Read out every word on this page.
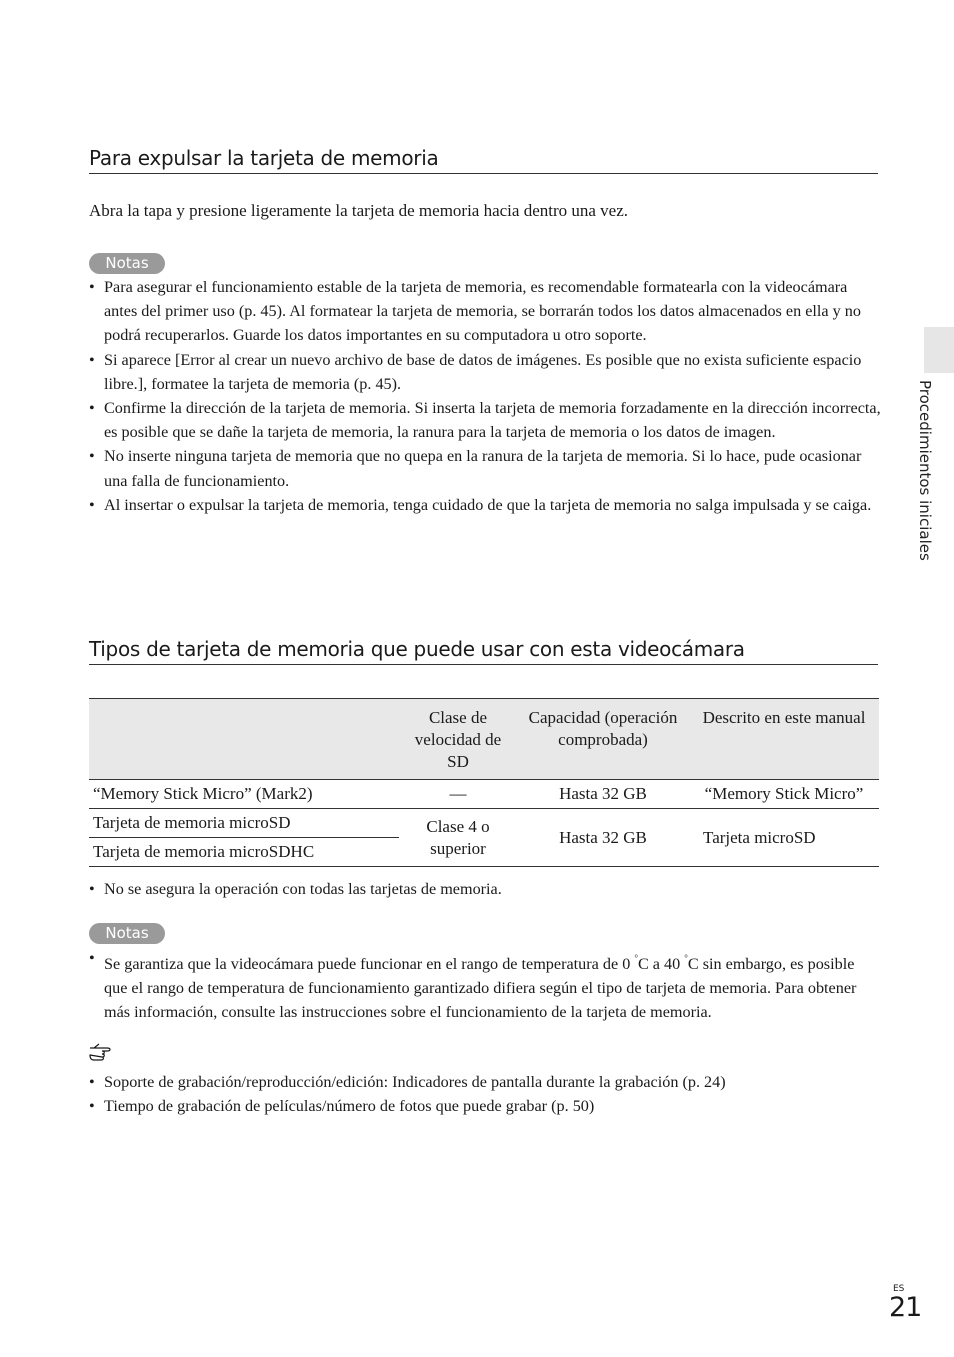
Para expulsar la tarjeta de memoria

Abra la tapa y presione ligeramente la tarjeta de memoria hacia dentro una vez.

Notas
• Para asegurar el funcionamiento estable de la tarjeta de memoria, es recomendable formatearla con la videocámara antes del primer uso (p. 45). Al formatear la tarjeta de memoria, se borrarán todos los datos almacenados en ella y no podrá recuperarlos. Guarde los datos importantes en su computadora u otro soporte.
• Si aparece [Error al crear un nuevo archivo de base de datos de imágenes. Es posible que no exista suficiente espacio libre.], formatee la tarjeta de memoria (p. 45).
• Confirme la dirección de la tarjeta de memoria. Si inserta la tarjeta de memoria forzadamente en la dirección incorrecta, es posible que se dañe la tarjeta de memoria, la ranura para la tarjeta de memoria o los datos de imagen.
• No inserte ninguna tarjeta de memoria que no quepa en la ranura de la tarjeta de memoria. Si lo hace, pude ocasionar una falla de funcionamiento.
• Al insertar o expulsar la tarjeta de memoria, tenga cuidado de que la tarjeta de memoria no salga impulsada y se caiga.	Procedimientos iniciales
Tipos de tarjeta de memoria que puede usar con esta videocámara
	Clase de velocidad de SD	Capacidad (operación comprobada)	Descrito en este manual
“Memory Stick Micro” (Mark2)	—	Hasta 32 GB	“Memory Stick Micro”
Tarjeta de memoria microSD	Clase 4 o superior	Hasta 32 GB	Tarjeta microSD
Tarjeta de memoria microSDHC			
• No se asegura la operación con todas las tarjetas de memoria.
Notas
• Se garantiza que la videocámara puede funcionar en el rango de temperatura de 0 °C a 40 °C sin embargo, es posible que el rango de temperatura de funcionamiento garantizado difiera según el tipo de tarjeta de memoria. Para obtener más información, consulte las instrucciones sobre el funcionamiento de la tarjeta de memoria.
• Soporte de grabación/reproducción/edición: Indicadores de pantalla durante la grabación (p. 24)
• Tiempo de grabación de películas/número de fotos que puede grabar (p. 50)
ES
21
